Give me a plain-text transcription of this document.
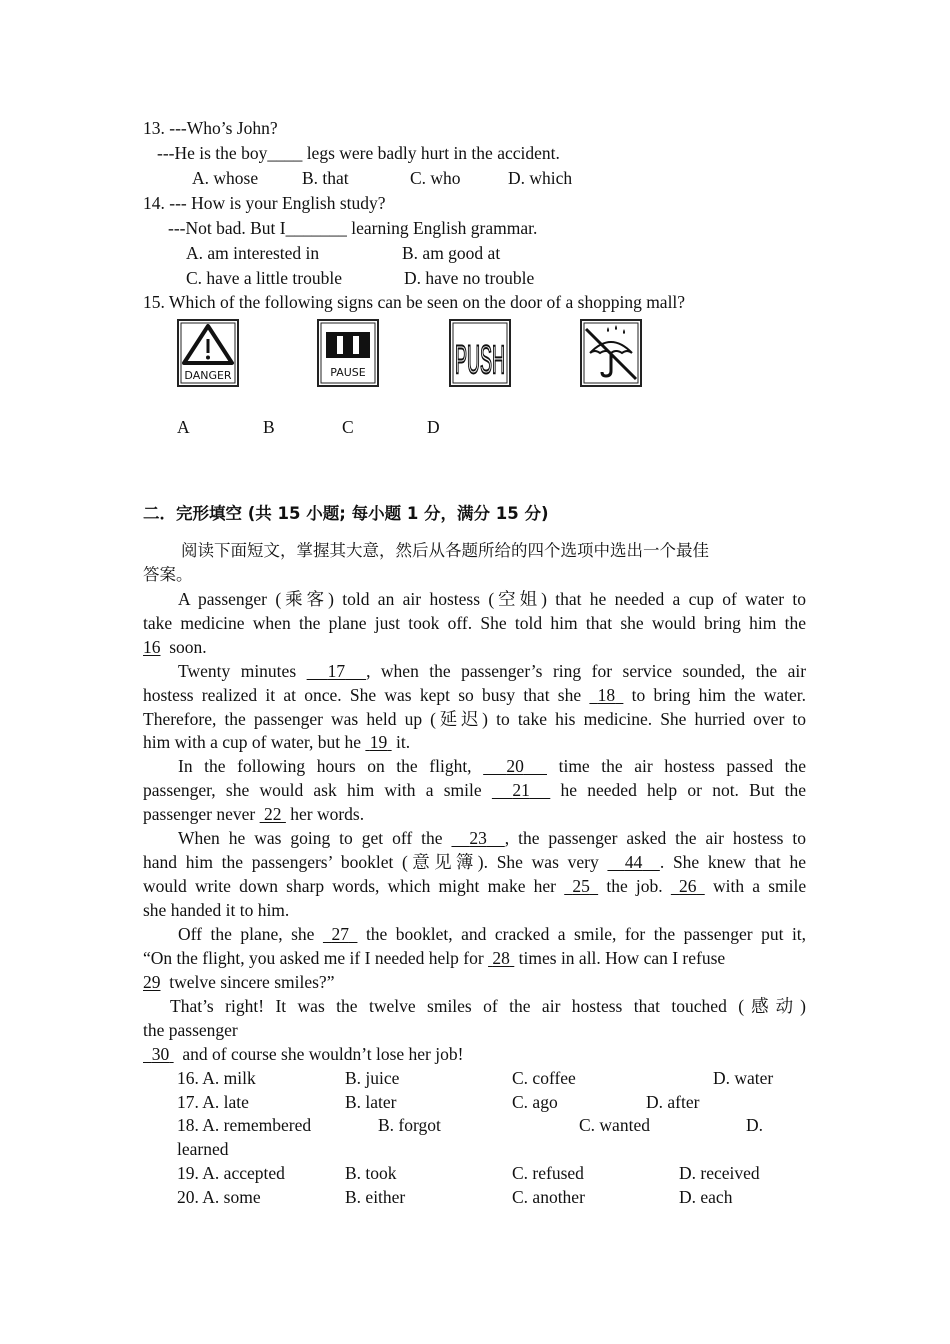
13. ---Who’s John?
---He is the boy____ legs were badly hurt in the accident.
A. whose	B. that	C. who	D. which
14. --- How is your English study?
---Not bad. But I_______ learning English grammar.
A. am interested in	B. am good at
C. have a little trouble	D. have no trouble
15. Which of the following signs can be seen on the door of a shopping mall?
DANGER	PAUSE PUSH
A	B	C	D
二．完形填空 (共 15 小题; 每小题 1 分，满分 15 分)
阅读下面短文，掌握其大意，然后从各题所给的四个选项中选出一个最佳
答案。
A passenger (乘客) told an air hostess (空姐) that he needed a cup of water to
take medicine when the plane just took off. She told him that she would bring him the
16 soon.
Twenty minutes 17 , when the passenger’s ring for service sounded, the air
hostess realized it at once. She was kept so busy that she 18 to bring him the water.
Therefore, the passenger was held up (延迟) to take his medicine. She hurried over to
him with a cup of water, but he 19 it.
In the following hours on the flight, 20 time the air hostess passed the
passenger, she would ask him with a smile 21 he needed help or not. But the
passenger never 22 her words.
When he was going to get off the 23 , the passenger asked the air hostess to
hand him the passengers’ booklet (意见簿). She was very 44 . She knew that he
would write down sharp words, which might make her 25 the job. 26 with a smile
she handed it to him.
Off the plane, she 27 the booklet, and cracked a smile, for the passenger put it,
“On the flight, you asked me if I needed help for 28 times in all. How can I refuse
29 twelve sincere smiles?”
That’s right! It was the twelve smiles of the air hostess that touched (感动)
the passenger
30 and of course she wouldn’t lose her job!
16. A. milk	B. juice	C. coffee	D. water
17. A. late	B. later	C. ago	D. after
18. A. remembered	B. forgot	C. wanted	D.
learned
19. A. accepted	B. took	C. refused	D. received
20. A. some	B. either	C. another	D. each
